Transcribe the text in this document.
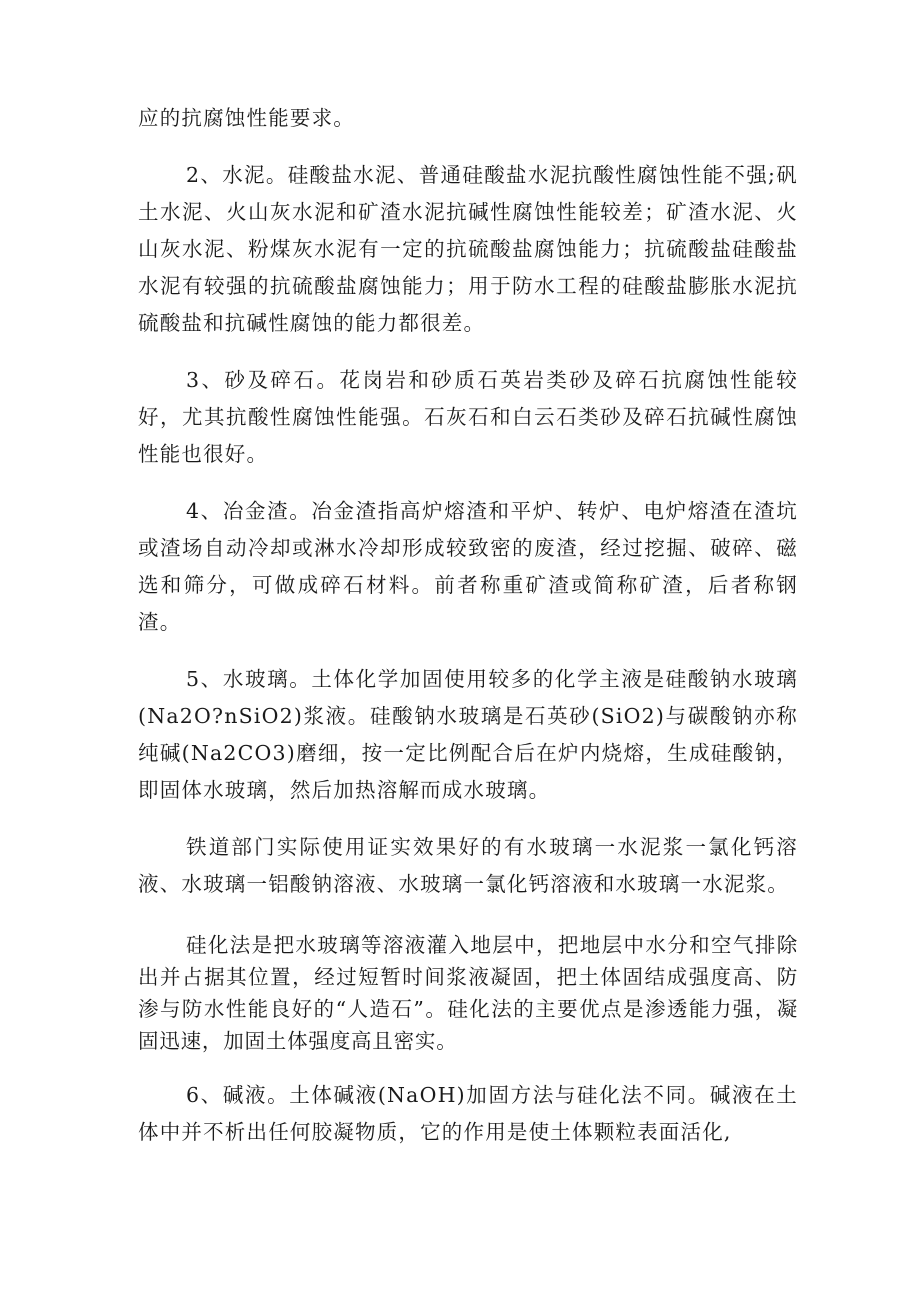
应的抗腐蚀性能要求。

2、水泥。硅酸盐水泥、普通硅酸盐水泥抗酸性腐蚀性能不强;矾土水泥、火山灰水泥和矿渣水泥抗碱性腐蚀性能较差；矿渣水泥、火山灰水泥、粉煤灰水泥有一定的抗硫酸盐腐蚀能力；抗硫酸盐硅酸盐水泥有较强的抗硫酸盐腐蚀能力；用于防水工程的硅酸盐膨胀水泥抗硫酸盐和抗碱性腐蚀的能力都很差。

3、砂及碎石。花岗岩和砂质石英岩类砂及碎石抗腐蚀性能较好，尤其抗酸性腐蚀性能强。石灰石和白云石类砂及碎石抗碱性腐蚀性能也很好。

4、冶金渣。冶金渣指高炉熔渣和平炉、转炉、电炉熔渣在渣坑或渣场自动冷却或淋水冷却形成较致密的废渣，经过挖掘、破碎、磁选和筛分，可做成碎石材料。前者称重矿渣或简称矿渣，后者称钢渣。

5、水玻璃。土体化学加固使用较多的化学主液是硅酸钠水玻璃(Na2O?nSiO2)浆液。硅酸钠水玻璃是石英砂(SiO2)与碳酸钠亦称纯碱(Na2CO3)磨细，按一定比例配合后在炉内烧熔，生成硅酸钠，即固体水玻璃，然后加热溶解而成水玻璃。

铁道部门实际使用证实效果好的有水玻璃一水泥浆一氯化钙溶液、水玻璃一铝酸钠溶液、水玻璃一氯化钙溶液和水玻璃一水泥浆。

硅化法是把水玻璃等溶液灌入地层中，把地层中水分和空气排除出并占据其位置，经过短暂时间浆液凝固，把土体固结成强度高、防渗与防水性能良好的“人造石”。硅化法的主要优点是渗透能力强，凝固迅速，加固土体强度高且密实。

6、碱液。土体碱液(NaOH)加固方法与硅化法不同。碱液在土体中并不析出任何胶凝物质，它的作用是使土体颗粒表面活化,
